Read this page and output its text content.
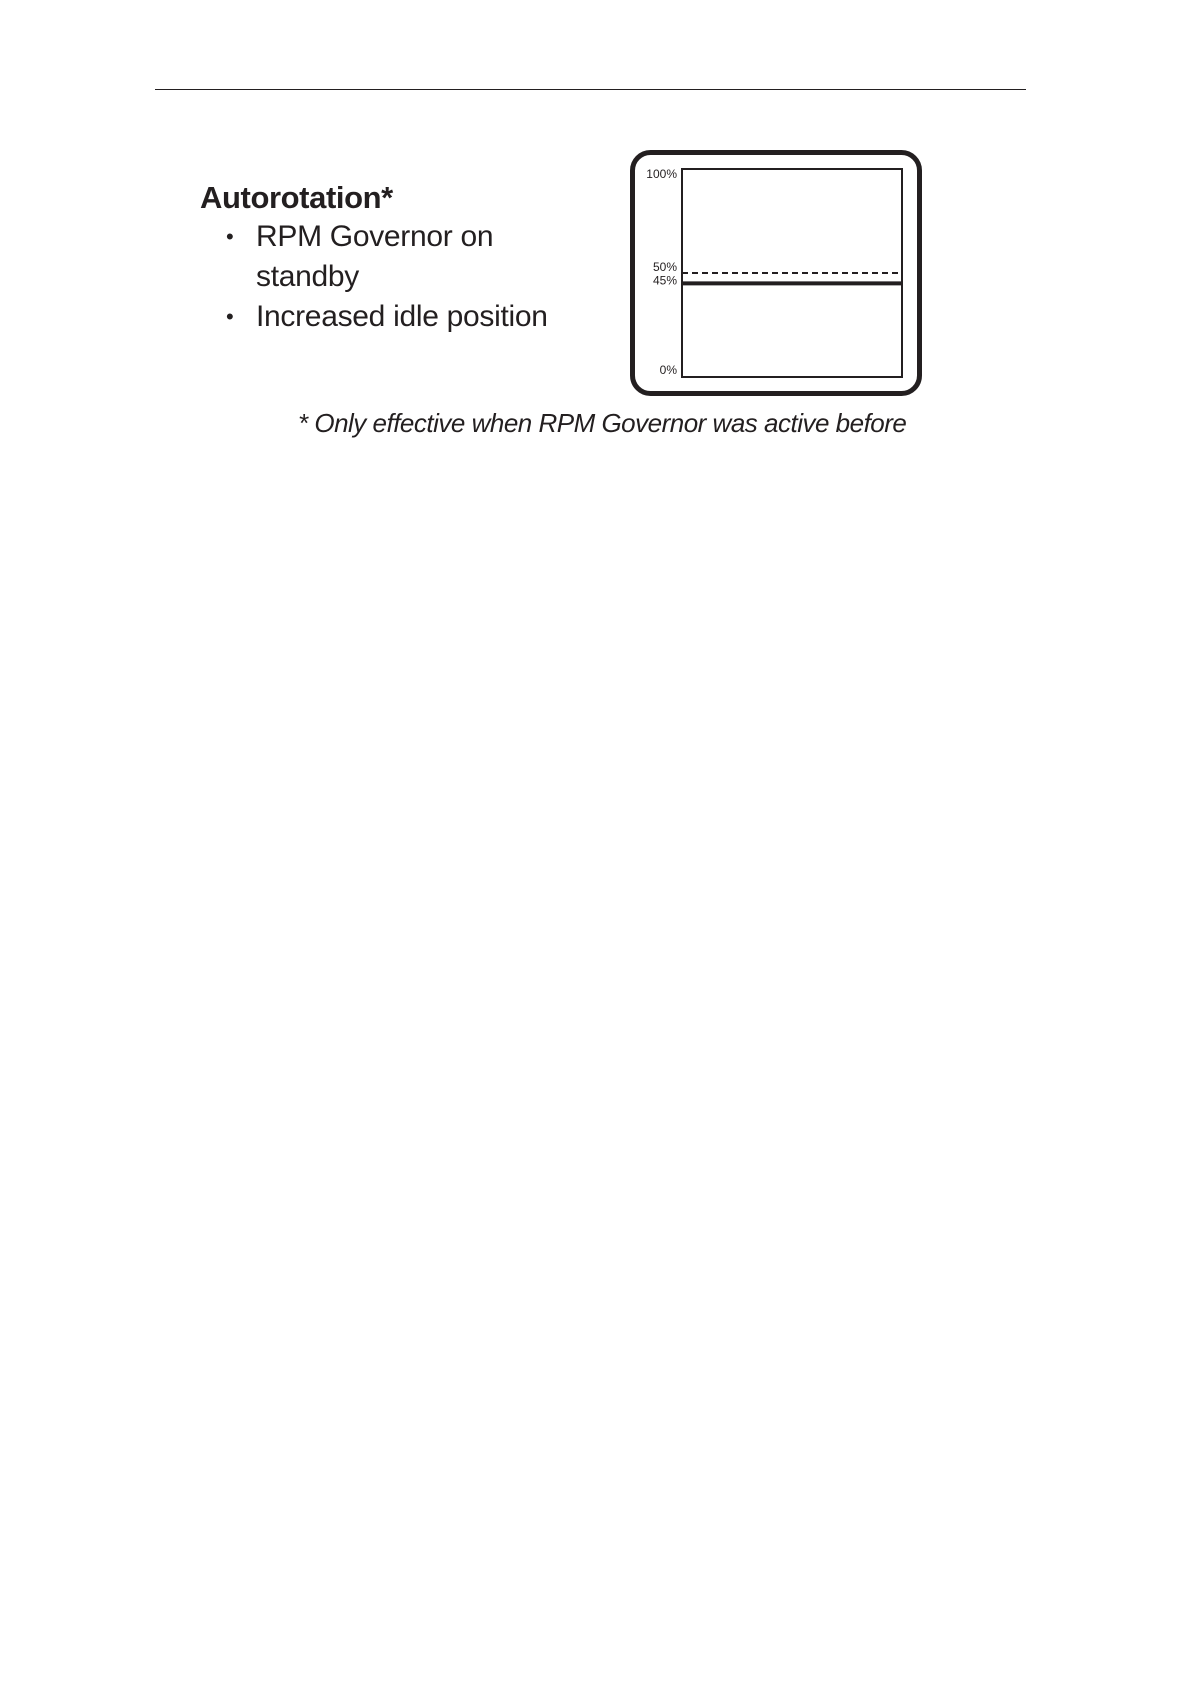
Autorotation*
• RPM Governor on standby
• Increased idle position
100%
50%
45%
0%

* Only effective when RPM Governor was active before
